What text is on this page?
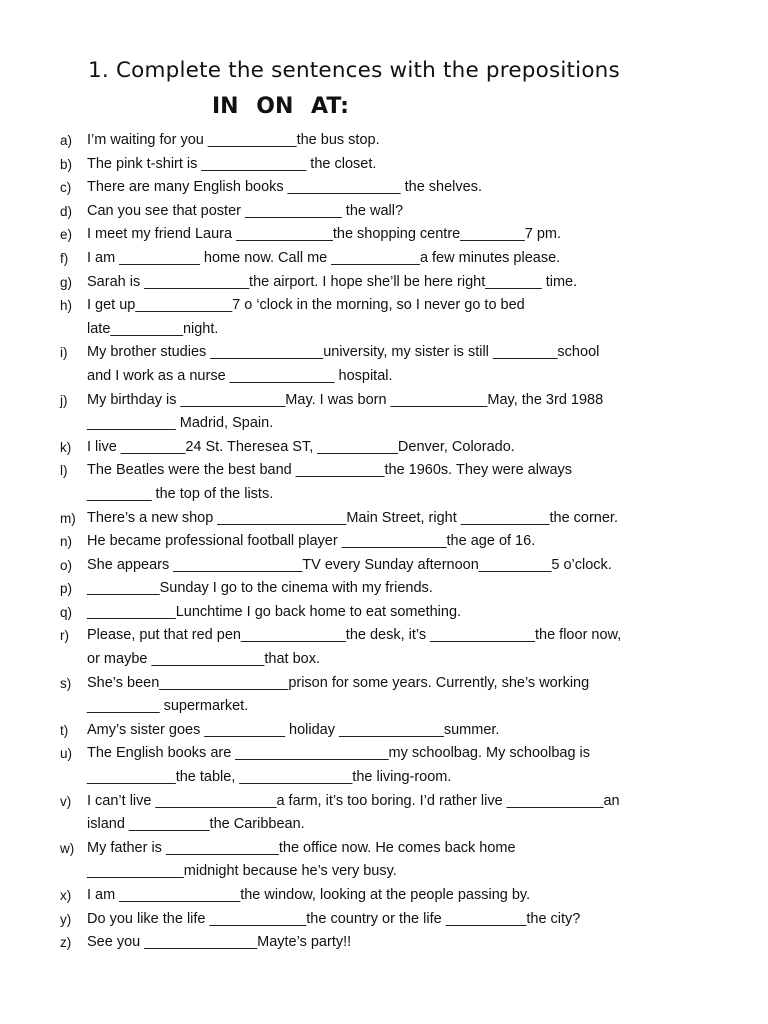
1. Complete the sentences with the prepositions
IN ON AT:
a)	I’m waiting for you ___________the bus stop.
b)	The pink t-shirt is _____________ the closet.
c)	There are many English books ______________ the shelves.
d)	Can you see that poster ____________ the wall?
e)	I meet my friend Laura ____________the shopping centre________7 pm.
f)	I am __________ home now. Call me ___________a few minutes please.
g)	Sarah is _____________the airport. I hope she’ll be here right_______ time.
h)	I get up____________7 o ‘clock in the morning, so I never go to bed
late_________night.
i)	My brother studies ______________university, my sister is still ________school
and I work as a nurse _____________ hospital.
j)	My birthday is _____________May. I was born ____________May, the 3rd 1988
___________ Madrid, Spain.
k)	I live ________24 St. Theresea ST, __________Denver, Colorado.
l)	The Beatles were the best band ___________the 1960s. They were always
________ the top of the lists.
m) There’s a new shop ________________Main Street, right ___________the corner.
n)	He became professional football player _____________the age of 16.
o)	She appears ________________TV every Sunday afternoon_________5 o’clock.
p)	_________Sunday I go to the cinema with my friends.
q)	___________Lunchtime I go back home to eat something.
r)	Please, put that red pen_____________the desk, it’s _____________the floor now,
or maybe ______________that box.
s)	She’s been________________prison for some years. Currently, she’s working
_________ supermarket.
t)	Amy’s sister goes __________ holiday _____________summer.
u)	The English books are ___________________my schoolbag. My schoolbag is
___________the table, ______________the living-room.
v)	I can’t live _______________a farm, it’s too boring. I’d rather live ____________an
island __________the Caribbean.
w) My father is ______________the office now. He comes back home
____________midnight because he’s very busy.
x)	I am _______________the window, looking at the people passing by.
y)	Do you like the life ____________the country or the life __________the city?
z)	See you ______________Mayte’s party!!
